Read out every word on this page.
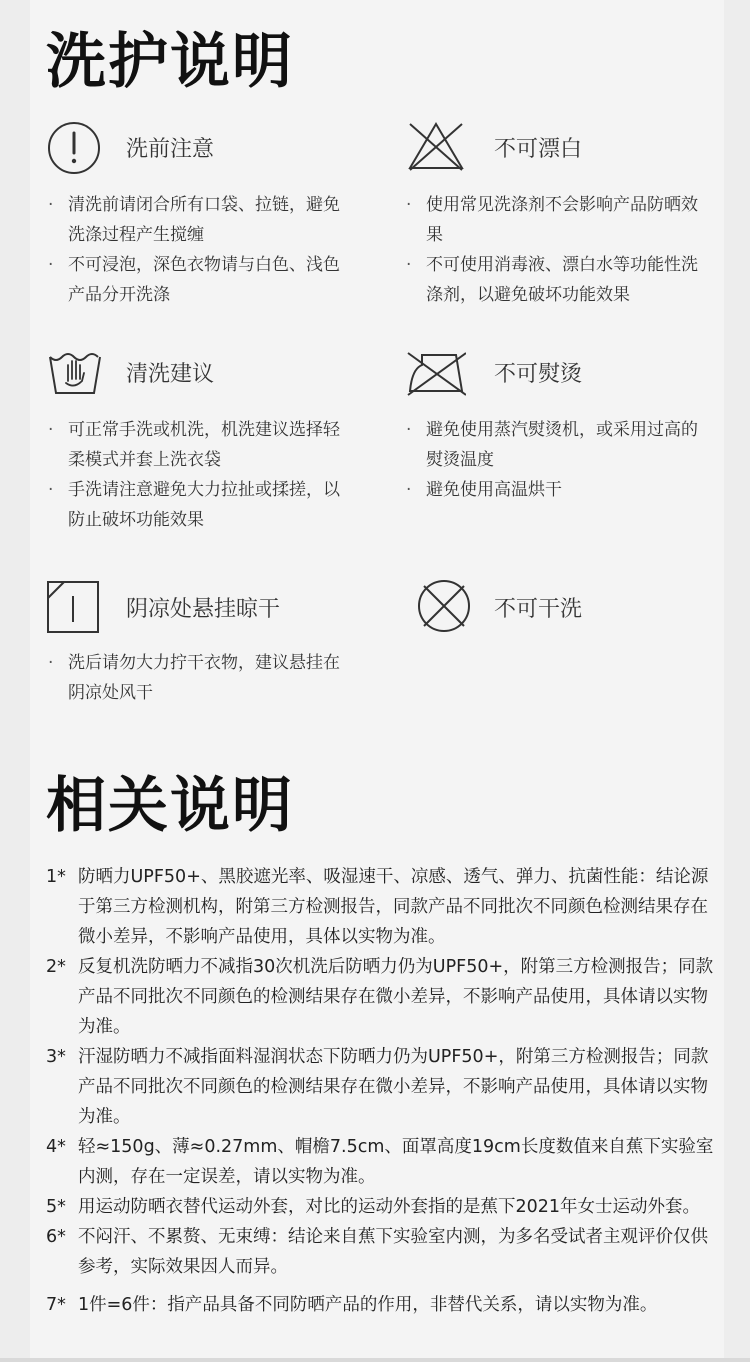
洗护说明
洗前注意

· 清洗前请闭合所有口袋、拉链，避免洗涤过程产生搅缠

· 不可浸泡，深色衣物请与白色、浅色产品分开洗涤

不可漂白

· 使用常见洗涤剂不会影响产品防晒效果

· 不可使用消毒液、漂白水等功能性洗涤剂，以避免破坏功能效果

清洗建议

· 可正常手洗或机洗，机洗建议选择轻柔模式并套上洗衣袋

· 手洗请注意避免大力拉扯或揉搓，以防止破坏功能效果

不可熨烫

· 避免使用蒸汽熨烫机，或采用过高的熨烫温度

· 避免使用高温烘干

阴凉处悬挂晾干

· 洗后请勿大力拧干衣物，建议悬挂在阴凉处风干

不可干洗
相关说明
1* 防晒力UPF50+、黑胶遮光率、吸湿速干、凉感、透气、弹力、抗菌性能：结论源于第三方检测机构，附第三方检测报告，同款产品不同批次不同颜色检测结果存在微小差异，不影响产品使用，具体以实物为准。
2* 反复机洗防晒力不减指30次机洗后防晒力仍为UPF50+，附第三方检测报告；同款产品不同批次不同颜色的检测结果存在微小差异，不影响产品使用，具体请以实物为准。
3* 汗湿防晒力不减指面料湿润状态下防晒力仍为UPF50+，附第三方检测报告；同款产品不同批次不同颜色的检测结果存在微小差异，不影响产品使用，具体请以实物为准。
4* 轻≈150g、薄≈0.27mm、帽檐7.5cm、面罩高度19cm长度数值来自蕉下实验室内测，存在一定误差，请以实物为准。
5* 用运动防晒衣替代运动外套，对比的运动外套指的是蕉下2021年女士运动外套。
6* 不闷汗、不累赘、无束缚：结论来自蕉下实验室内测，为多名受试者主观评价仅供参考，实际效果因人而异。
7* 1件=6件：指产品具备不同防晒产品的作用，非替代关系，请以实物为准。
